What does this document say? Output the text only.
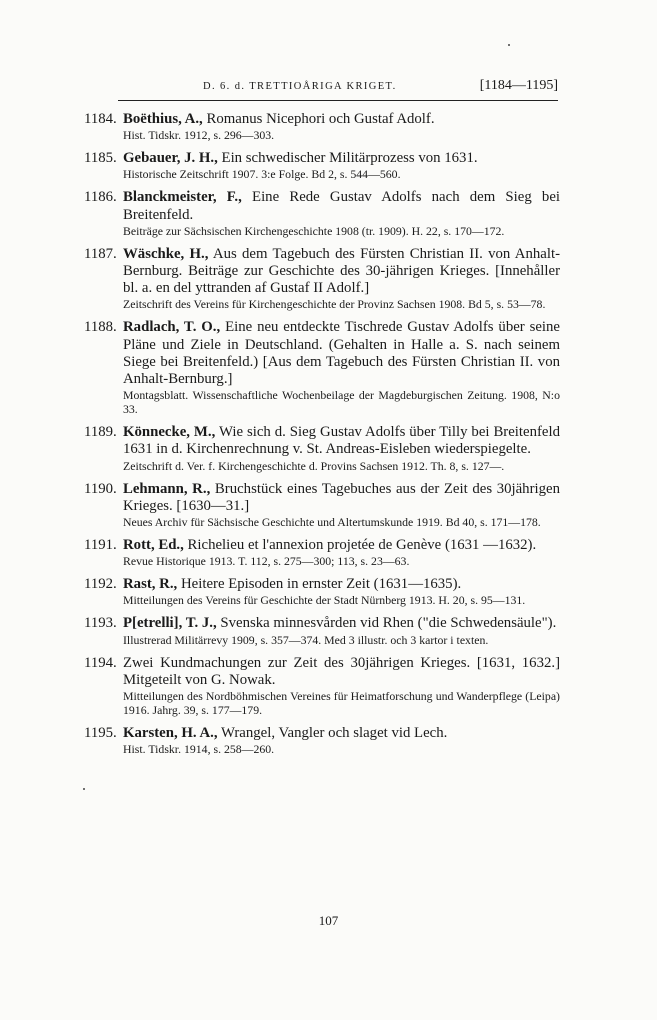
D. 6. d. TRETTIOÅRIGA KRIGET.	[1184—1195]
1184. Boëthius, A., Romanus Nicephori och Gustaf Adolf.
Hist. Tidskr. 1912, s. 296—303.
1185. Gebauer, J. H., Ein schwedischer Militärprozess von 1631.
Historische Zeitschrift 1907. 3:e Folge. Bd 2, s. 544—560.
1186. Blanckmeister, F., Eine Rede Gustav Adolfs nach dem Sieg bei Breitenfeld.
Beiträge zur Sächsischen Kirchengeschichte 1908 (tr. 1909). H. 22, s. 170—172.
1187. Wäschke, H., Aus dem Tagebuch des Fürsten Christian II. von Anhalt-Bernburg. Beiträge zur Geschichte des 30-jährigen Krieges. [Innehåller bl. a. en del yttranden af Gustaf II Adolf.]
Zeitschrift des Vereins für Kirchengeschichte der Provinz Sachsen 1908. Bd 5, s. 53—78.
1188. Radlach, T. O., Eine neu entdeckte Tischrede Gustav Adolfs über seine Pläne und Ziele in Deutschland. (Gehalten in Halle a. S. nach seinem Siege bei Breitenfeld.) [Aus dem Tagebuch des Fürsten Christian II. von Anhalt-Bernburg.]
Montagsblatt. Wissenschaftliche Wochenbeilage der Magdeburgischen Zeitung. 1908, N:o 33.
1189. Könnecke, M., Wie sich d. Sieg Gustav Adolfs über Tilly bei Breitenfeld 1631 in d. Kirchenrechnung v. St. Andreas-Eisleben wiederspiegelte.
Zeitschrift d. Ver. f. Kirchengeschichte d. Provins Sachsen 1912. Th. 8, s. 127—.
1190. Lehmann, R., Bruchstück eines Tagebuches aus der Zeit des 30jährigen Krieges. [1630—31.]
Neues Archiv für Sächsische Geschichte und Altertumskunde 1919. Bd 40, s. 171—178.
1191. Rott, Ed., Richelieu et l'annexion projetée de Genève (1631 —1632).
Revue Historique 1913. T. 112, s. 275—300; 113, s. 23—63.
1192. Rast, R., Heitere Episoden in ernster Zeit (1631—1635).
Mitteilungen des Vereins für Geschichte der Stadt Nürnberg 1913. H. 20, s. 95—131.
1193. P[etrelli], T. J., Svenska minnesvården vid Rhen ("die Schwedensäule").
Illustrerad Militärrevy 1909, s. 357—374. Med 3 illustr. och 3 kartor i texten.
1194. Zwei Kundmachungen zur Zeit des 30jährigen Krieges. [1631, 1632.] Mitgeteilt von G. Nowak.
Mitteilungen des Nordböhmischen Vereines für Heimatforschung und Wanderpflege (Leipa) 1916. Jahrg. 39, s. 177—179.
1195. Karsten, H. A., Wrangel, Vangler och slaget vid Lech.
Hist. Tidskr. 1914, s. 258—260.
107
